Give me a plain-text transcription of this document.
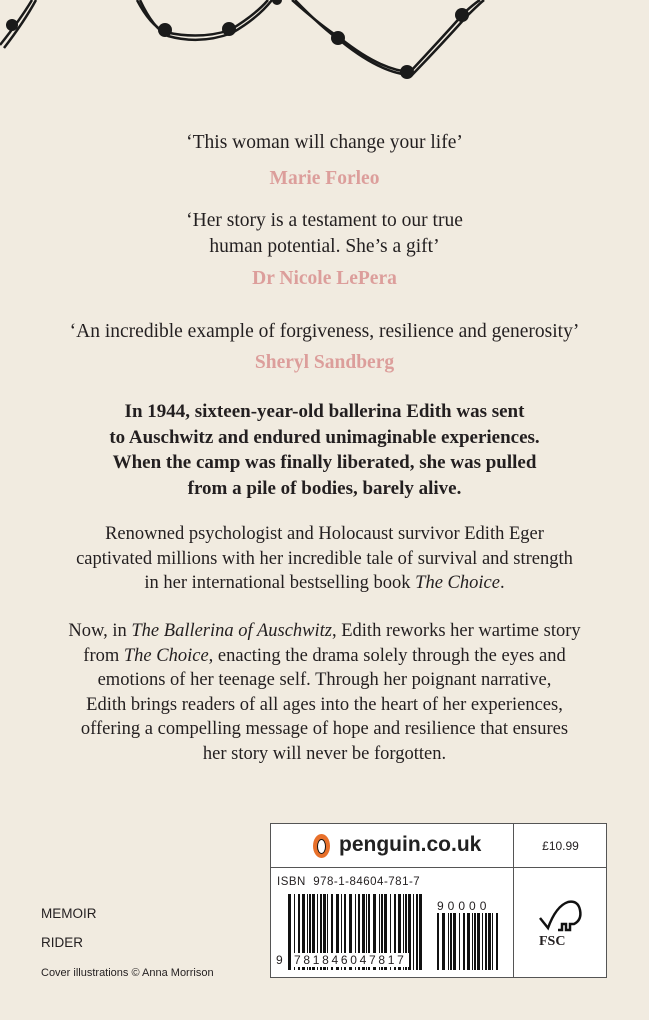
‘This woman will change your life’
Marie Forleo
‘Her story is a testament to our true
human potential. She’s a gift’
Dr Nicole LePera
‘An incredible example of forgiveness, resilience and generosity’
Sheryl Sandberg
In 1944, sixteen-year-old ballerina Edith was sent
to Auschwitz and endured unimaginable experiences.
When the camp was finally liberated, she was pulled
from a pile of bodies, barely alive.
Renowned psychologist and Holocaust survivor Edith Eger
captivated millions with her incredible tale of survival and strength
in her international bestselling book The Choice.
Now, in The Ballerina of Auschwitz, Edith reworks her wartime story
from The Choice, enacting the drama solely through the eyes and
emotions of her teenage self. Through her poignant narrative,
Edith brings readers of all ages into the heart of her experiences,
offering a compelling message of hope and resilience that ensures
her story will never be forgotten.
penguin.co.uk	£10.99
ISBN  978-1-84604-781-7
9 781846047817
90000
FSC
MEMOIR
RIDER
Cover illustrations © Anna Morrison
